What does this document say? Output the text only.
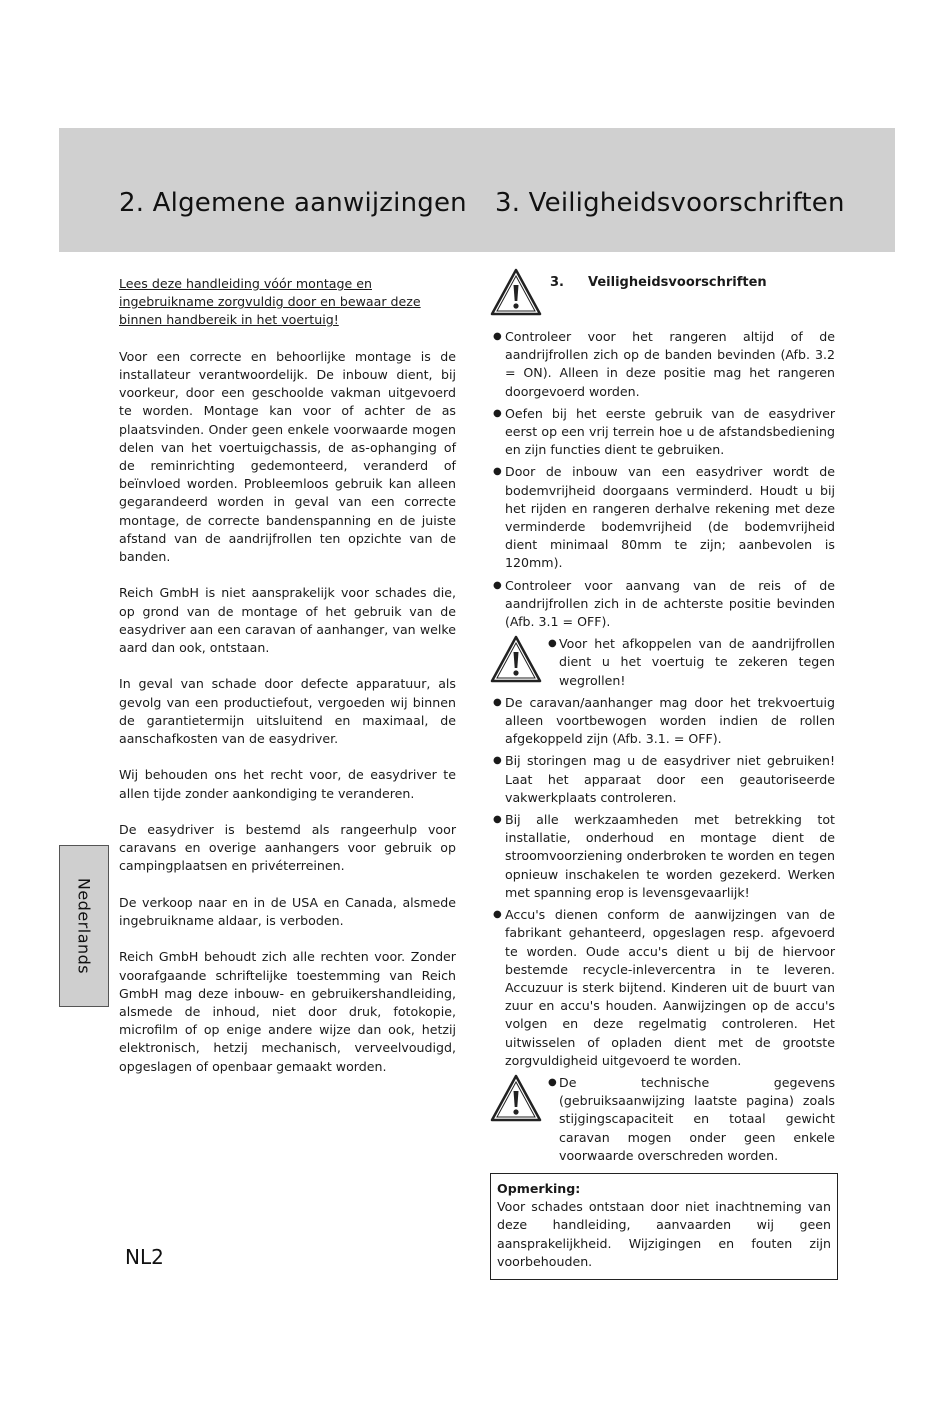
2. Algemene aanwijzingen 3. Veiligheidsvoorschriften

Lees deze handleiding vóór montage en ingebruikname zorgvuldig door en bewaar deze binnen handbereik in het voertuig!

Voor een correcte en behoorlijke montage is de installateur verantwoordelijk. De inbouw dient, bij voorkeur, door een geschoolde vakman uitgevoerd te worden. Montage kan voor of achter de as plaatsvinden. Onder geen enkele voorwaarde mogen delen van het voertuigchassis, de as-ophanging of de reminrichting gedemonteerd, veranderd of beïnvloed worden. Probleemloos gebruik kan alleen gegarandeerd worden in geval van een correcte montage, de correcte bandenspanning en de juiste afstand van de aandrijfrollen ten opzichte van de banden.

Reich GmbH is niet aansprakelijk voor schades die, op grond van de montage of het gebruik van de easydriver aan een caravan of aanhanger, van welke aard dan ook, ontstaan.

In geval van schade door defecte apparatuur, als gevolg van een productiefout, vergoeden wij binnen de garantietermijn uitsluitend en maximaal, de aanschafkosten van de easydriver.

Wij behouden ons het recht voor, de easydriver te allen tijde zonder aankondiging te veranderen.

De easydriver is bestemd als rangeerhulp voor caravans en overige aanhangers voor gebruik op campingplaatsen en privéterreinen.

De verkoop naar en in de USA en Canada, alsmede ingebruikname aldaar, is verboden.

Reich GmbH behoudt zich alle rechten voor. Zonder voorafgaande schriftelijke toestemming van Reich GmbH mag deze inbouw- en gebruikershandleiding, alsmede de inhoud, niet door druk, fotokopie, microfilm of op enige andere wijze dan ook, hetzij elektronisch, hetzij mechanisch, verveelvoudigd, opgeslagen of openbaar gemaakt worden.

3.	Veiligheidsvoorschriften
● Controleer voor het rangeren altijd of de aandrijfrollen zich op de banden bevinden (Afb. 3.2 = ON). Alleen in deze positie mag het rangeren doorgevoerd worden.
● Oefen bij het eerste gebruik van de easydriver eerst op een vrij terrein hoe u de afstandsbediening en zijn functies dient te gebruiken.
● Door de inbouw van een easydriver wordt de bodemvrijheid doorgaans verminderd. Houdt u bij het rijden en rangeren derhalve rekening met deze verminderde bodemvrijheid (de bodemvrijheid dient minimaal 80mm te zijn; aanbevolen is 120mm).
● Controleer voor aanvang van de reis of de aandrijfrollen zich in de achterste positie bevinden (Afb. 3.1 = OFF).
● Voor het afkoppelen van de aandrijfrollen dient u het voertuig te zekeren tegen wegrollen!
● De caravan/aanhanger mag door het trekvoertuig alleen voortbewogen worden indien de rollen afgekoppeld zijn (Afb. 3.1. = OFF).
● Bij storingen mag u de easydriver niet gebruiken! Laat het apparaat door een geautoriseerde vakwerkplaats controleren.
● Bij alle werkzaamheden met betrekking tot installatie, onderhoud en montage dient de stroomvoorziening onderbroken te worden en tegen opnieuw inschakelen te worden gezekerd. Werken met spanning erop is levensgevaarlijk!
● Accu's dienen conform de aanwijzingen van de fabrikant gehanteerd, opgeslagen resp. afgevoerd te worden. Oude accu's dient u bij de hiervoor bestemde recycle-inlevercentra in te leveren. Accuzuur is sterk bijtend. Kinderen uit de buurt van zuur en accu's houden. Aanwijzingen op de accu's volgen en deze regelmatig controleren. Het uitwisselen of opladen dient met de grootste zorgvuldigheid uitgevoerd te worden.
● De technische gegevens (gebruiksaanwijzing laatste pagina) zoals stijgingscapaciteit en totaal gewicht caravan mogen onder geen enkele voorwaarde overschreden worden.
Opmerking:
Voor schades ontstaan door niet inachtneming van deze handleiding, aanvaarden wij geen aansprakelijkheid. Wijzigingen en fouten zijn voorbehouden.
Nederlands
NL2
